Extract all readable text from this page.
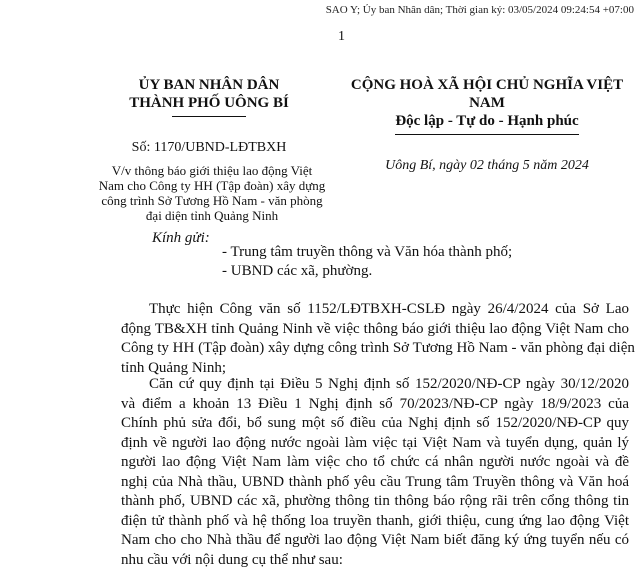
SAO Y; Ủy ban Nhân dân; Thời gian ký: 03/05/2024 09:24:54 +07:00
1
ỦY BAN NHÂN DÂN
THÀNH PHỐ UÔNG BÍ
Số: 1170/UBND-LĐTBXH
V/v thông báo giới thiệu lao động Việt
Nam cho Công ty HH (Tập đoàn) xây dựng
công trình Sở Tương Hồ Nam - văn phòng
đại diện tỉnh Quảng Ninh
CỘNG HOÀ XÃ HỘI CHỦ NGHĨA VIỆT NAM
Độc lập - Tự do - Hạnh phúc
Uông Bí, ngày 02 tháng 5 năm 2024
Kính gửi:
- Trung tâm truyền thông và Văn hóa thành phố;
- UBND các xã, phường.
Thực hiện Công văn số 1152/LĐTBXH-CSLĐ ngày 26/4/2024 của Sở Lao
động TB&XH tỉnh Quảng Ninh về việc thông báo giới thiệu lao động Việt Nam cho
Công ty HH (Tập đoàn) xây dựng công trình Sở Tương Hồ Nam - văn phòng đại diện
tỉnh Quảng Ninh;
Căn cứ quy định tại Điều 5 Nghị định số 152/2020/NĐ-CP ngày 30/12/2020
và điểm a khoản 13 Điều 1 Nghị định số 70/2023/NĐ-CP ngày 18/9/2023 của
Chính phủ sửa đổi, bổ sung một số điều của Nghị định số 152/2020/NĐ-CP quy
định về người lao động nước ngoài làm việc tại Việt Nam và tuyển dụng, quản lý
người lao động Việt Nam làm việc cho tổ chức cá nhân người nước ngoài và đề
nghị của Nhà thầu, UBND thành phố yêu cầu Trung tâm Truyền thông và Văn hoá
thành phố, UBND các xã, phường thông tin thông báo rộng rãi trên cổng thông tin
điện tử thành phố và hệ thống loa truyền thanh, giới thiệu, cung ứng lao động Việt
Nam cho cho Nhà thầu để người lao động Việt Nam biết đăng ký ứng tuyển nếu có
nhu cầu với nội dung cụ thể như sau:
